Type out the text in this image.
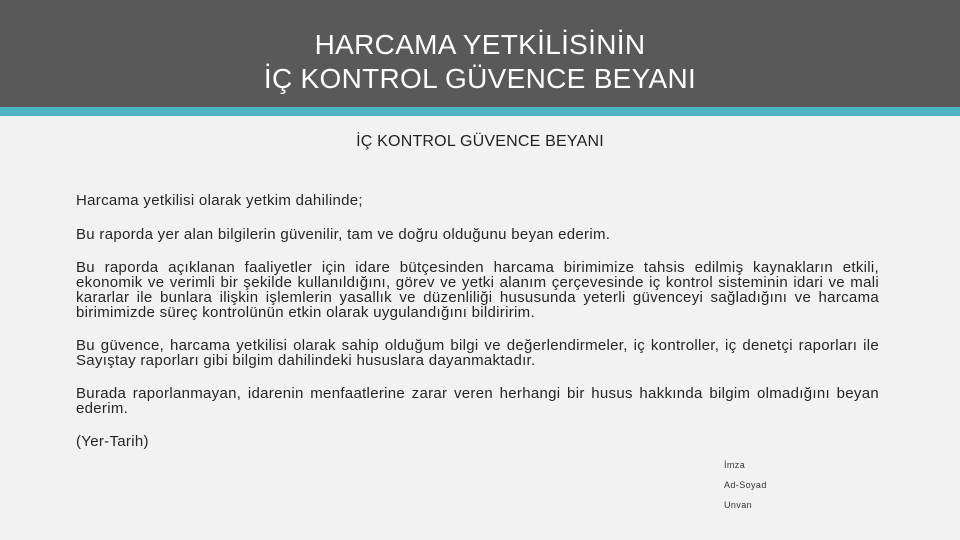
HARCAMA YETKİLİSİNİN
İÇ KONTROL GÜVENCE BEYANI
İÇ KONTROL GÜVENCE BEYANI
Harcama yetkilisi olarak yetkim dahilinde;
Bu raporda yer alan bilgilerin güvenilir, tam ve doğru olduğunu beyan ederim.
Bu raporda açıklanan faaliyetler için idare bütçesinden harcama birimimize tahsis edilmiş kaynakların etkili, ekonomik ve verimli bir şekilde kullanıldığını, görev ve yetki alanım çerçevesinde iç kontrol sisteminin idari ve mali kararlar ile bunlara ilişkin işlemlerin yasallık ve düzenliliği hususunda yeterli güvenceyi sağladığını ve harcama birimimizde süreç kontrolünün etkin olarak uygulandığını bildiririm.
Bu güvence, harcama yetkilisi olarak sahip olduğum bilgi ve değerlendirmeler, iç kontroller, iç denetçi raporları ile Sayıştay raporları gibi bilgim dahilindeki hususlara dayanmaktadır.
Burada raporlanmayan, idarenin menfaatlerine zarar veren herhangi bir husus hakkında bilgim olmadığını beyan ederim.
(Yer-Tarih)
İmza
Ad-Soyad
Unvan
